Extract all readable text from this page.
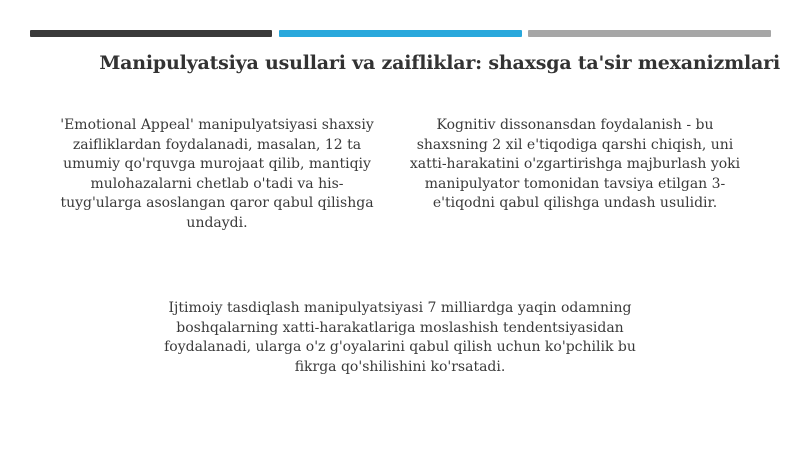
Manipulyatsiya usullari va zaifliklar: shaxsga ta'sir mexanizmlari
'Emotional Appeal' manipulyatsiyasi shaxsiy zaifliklardan foydalanadi, masalan, 12 ta umumiy qo'rquvga murojaat qilib, mantiqiy mulohazalarni chetlab o'tadi va his-tuyg'ularga asoslangan qaror qabul qilishga undaydi.
Kognitiv dissonansdan foydalanish - bu shaxsning 2 xil e'tiqodiga qarshi chiqish, uni xatti-harakatini o'zgartirishga majburlash yoki manipulyator tomonidan tavsiya etilgan 3-e'tiqodni qabul qilishga undash usulidir.
Ijtimoiy tasdiqlash manipulyatsiyasi 7 milliardga yaqin odamning boshqalarning xatti-harakatlariga moslashish tendentsiyasidan foydalanadi, ularga o'z g'oyalarini qabul qilish uchun ko'pchilik bu fikrga qo'shilishini ko'rsatadi.
